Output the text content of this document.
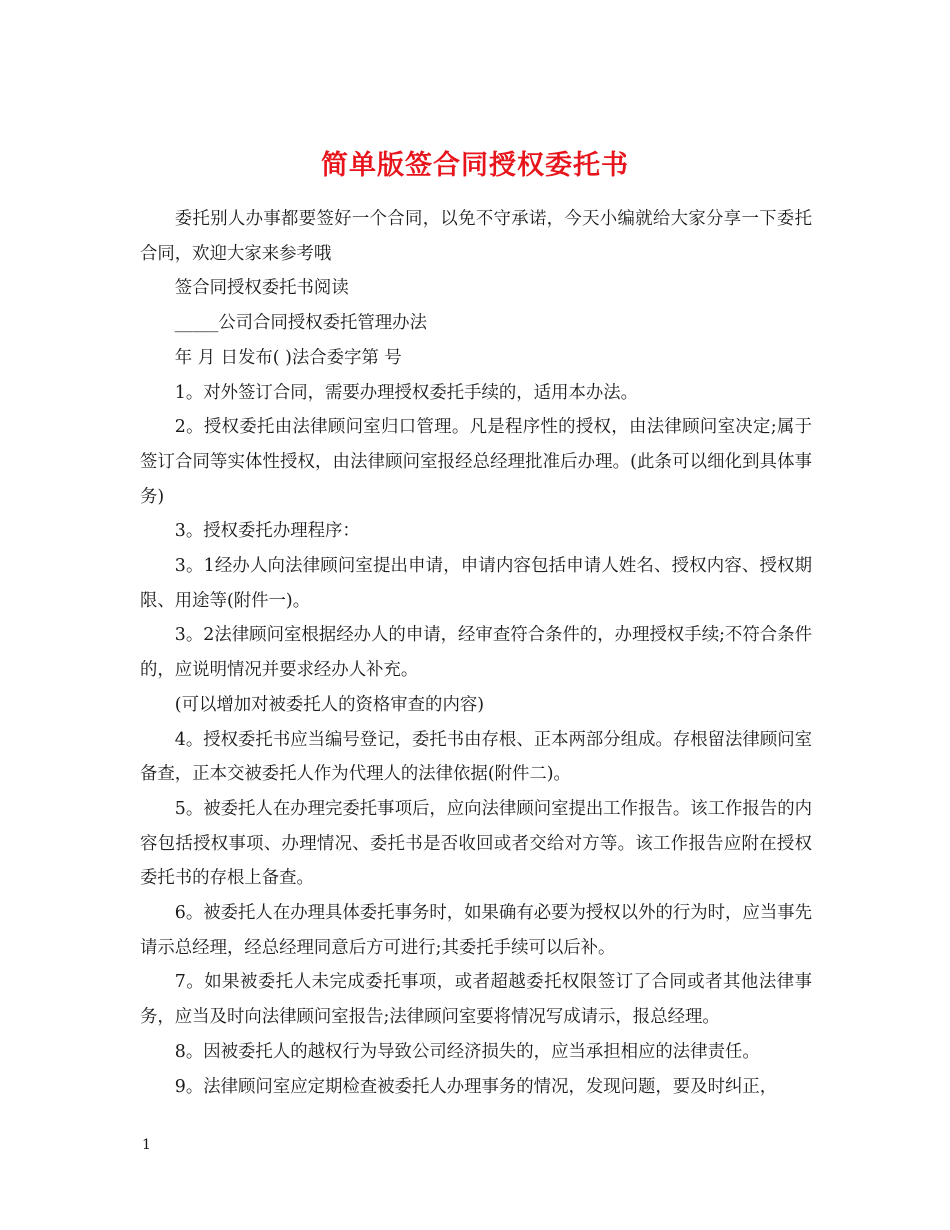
简单版签合同授权委托书

委托别人办事都要签好一个合同，以免不守承诺，今天小编就给大家分享一下委托合同，欢迎大家来参考哦

签合同授权委托书阅读

_____公司合同授权委托管理办法

年 月 日发布( )法合委字第 号

1。对外签订合同，需要办理授权委托手续的，适用本办法。

2。授权委托由法律顾问室归口管理。凡是程序性的授权，由法律顾问室决定;属于签订合同等实体性授权，由法律顾问室报经总经理批准后办理。(此条可以细化到具体事务)

3。授权委托办理程序：

3。1经办人向法律顾问室提出申请，申请内容包括申请人姓名、授权内容、授权期限、用途等(附件一)。

3。2法律顾问室根据经办人的申请，经审查符合条件的，办理授权手续;不符合条件的，应说明情况并要求经办人补充。

(可以增加对被委托人的资格审查的内容)

4。授权委托书应当编号登记，委托书由存根、正本两部分组成。存根留法律顾问室备查，正本交被委托人作为代理人的法律依据(附件二)。

5。被委托人在办理完委托事项后，应向法律顾问室提出工作报告。该工作报告的内容包括授权事项、办理情况、委托书是否收回或者交给对方等。该工作报告应附在授权委托书的存根上备查。

6。被委托人在办理具体委托事务时，如果确有必要为授权以外的行为时，应当事先请示总经理，经总经理同意后方可进行;其委托手续可以后补。

7。如果被委托人未完成委托事项，或者超越委托权限签订了合同或者其他法律事务，应当及时向法律顾问室报告;法律顾问室要将情况写成请示，报总经理。

8。因被委托人的越权行为导致公司经济损失的，应当承担相应的法律责任。

9。法律顾问室应定期检查被委托人办理事务的情况，发现问题，要及时纠正，

1
